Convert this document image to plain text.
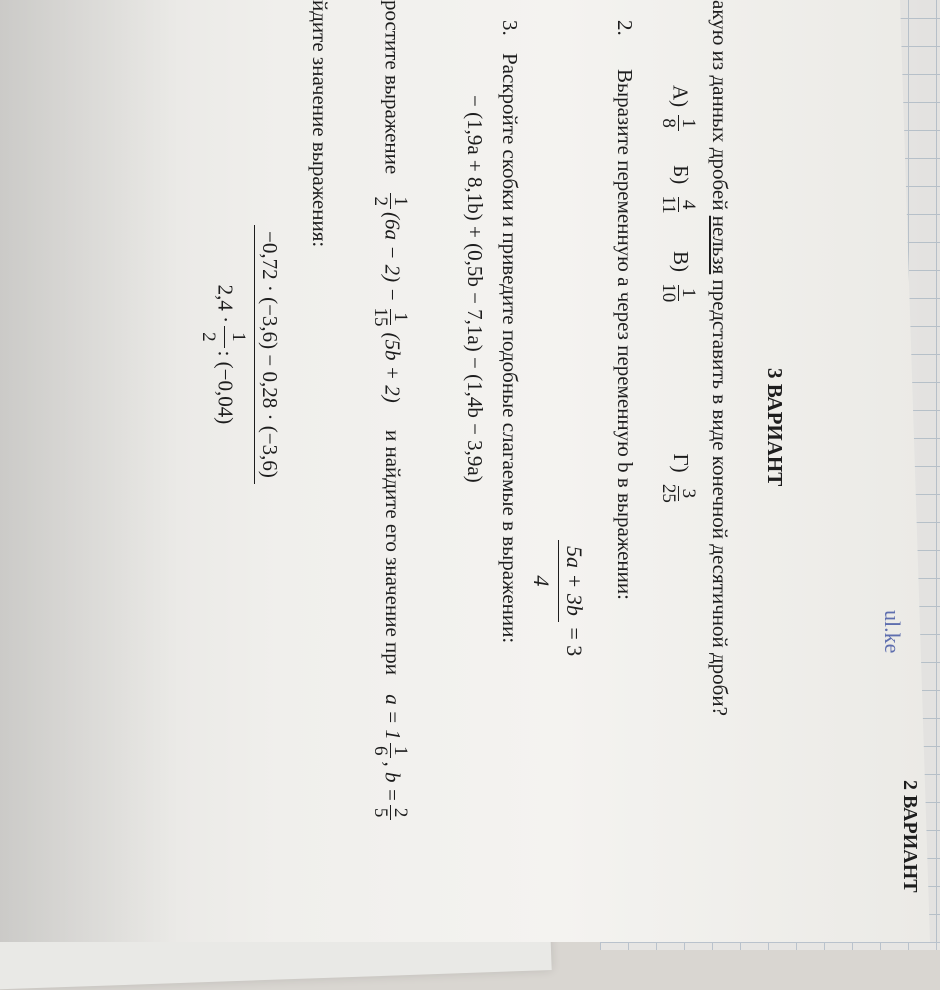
ul.ke
2 ВАРИАНТ
3 ВАРИАНТ
акую из данных дробей нельзя представить в виде конечной десятичной дроби?
А)
1
8
Б)
4
11
В)
1
10
Г)
3
25
2. Выразите переменную a через переменную b в выражении:
5a + 3b
4
= 3
3. Раскройте скобки и приведите подобные слагаемые в выражении:
− (1,9a + 8,1b) + (0,5b − 7,1a) − (1,4b − 3,9a)
ростите выражение
1
2
(6a − 2) −
1
15
(5b + 2) и найдите его значение при a = 1
1
6
, b =
2
5
йдите значение выражения:
−0,72 · (−3,6) − 0,28 · (−3,6)
2,4 ·
1
2
: (−0,04)
